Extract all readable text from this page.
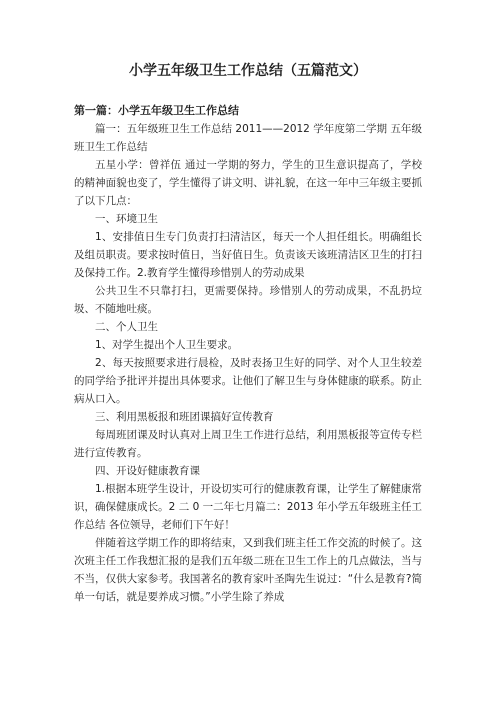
小学五年级卫生工作总结（五篇范文）
第一篇：小学五年级卫生工作总结

篇一：五年级班卫生工作总结 2011——2012 学年度第二学期 五年级班卫生工作总结

五星小学：曾祥伍 通过一学期的努力，学生的卫生意识提高了，学校的精神面貌也变了，学生懂得了讲文明、讲礼貌，在这一年中三年级主要抓了以下几点：

一、环境卫生

1、安排值日生专门负责打扫清洁区，每天一个人担任组长。明确组长及组员职责。要求按时值日，当好值日生。负责该天该班清洁区卫生的打扫及保持工作。2.教育学生懂得珍惜别人的劳动成果

公共卫生不只靠打扫，更需要保持。珍惜别人的劳动成果，不乱扔垃圾、不随地吐痰。

二、个人卫生

1、对学生提出个人卫生要求。

2、每天按照要求进行晨检，及时表扬卫生好的同学、对个人卫生较差的同学给予批评并提出具体要求。让他们了解卫生与身体健康的联系。防止病从口入。

三、利用黑板报和班团课搞好宣传教育

每周班团课及时认真对上周卫生工作进行总结，利用黑板报等宣传专栏进行宣传教育。

四、开设好健康教育课

1.根据本班学生设计，开设切实可行的健康教育课，让学生了解健康常识，确保健康成长。2 二 0 一二年七月篇二：2013 年小学五年级班主任工作总结 各位领导，老师们下午好！

伴随着这学期工作的即将结束，又到我们班主任工作交流的时候了。这次班主任工作我想汇报的是我们五年级二班在卫生工作上的几点做法，当与不当，仅供大家参考。我国著名的教育家叶圣陶先生说过：“什么是教育?简单一句话，就是要养成习惯。”小学生除了养成
